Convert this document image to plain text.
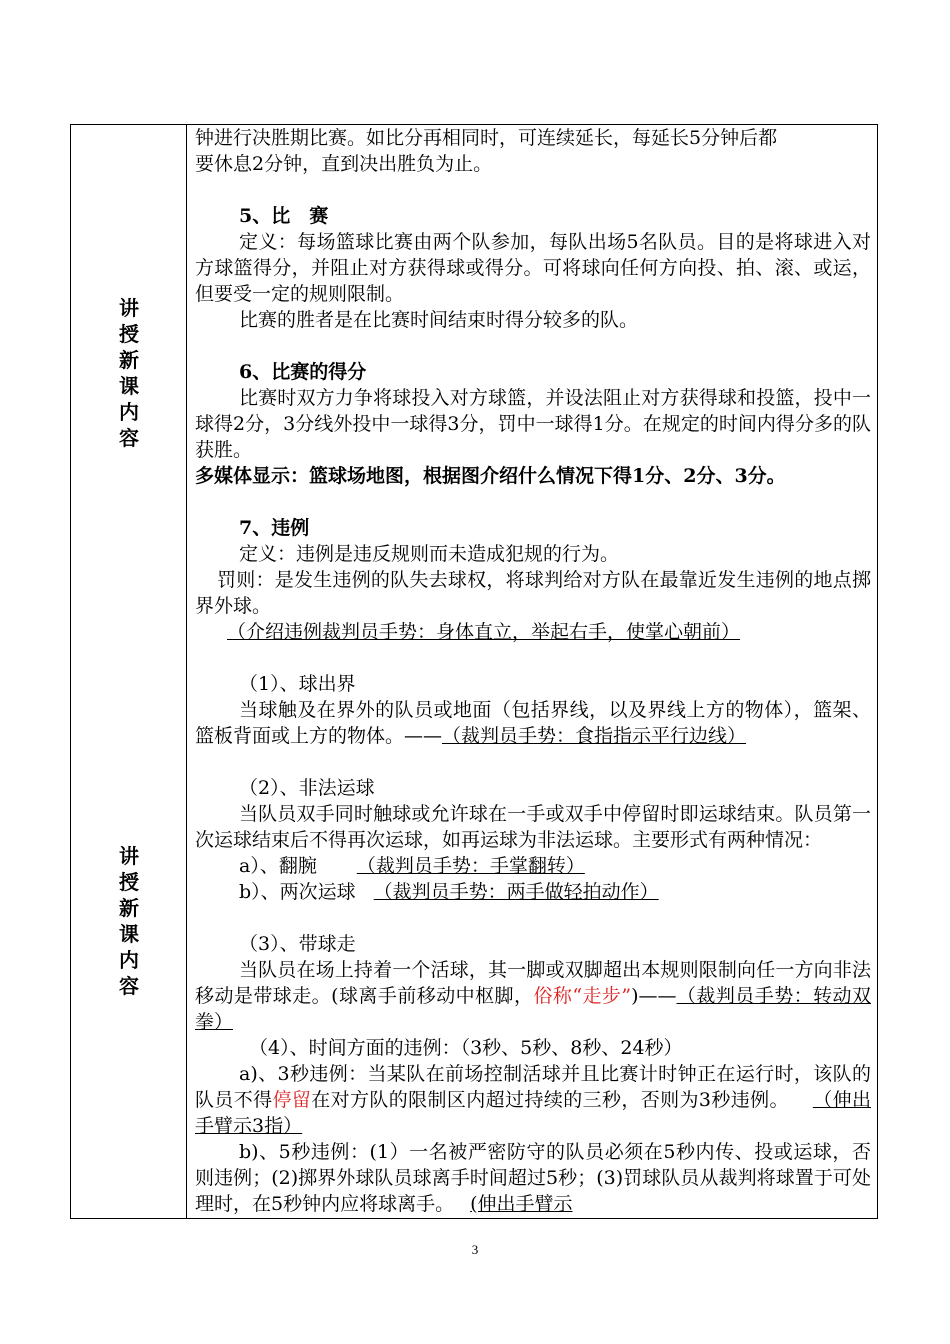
讲
授
新
课
内
容
讲
授
新
课
内
容

钟进行决胜期比赛。如比分再相同时，可连续延长，每延长5分钟后都

要休息2分钟，直到决出胜负为止。

5、比　赛

定义：每场篮球比赛由两个队参加，每队出场5名队员。目的是将球进入对方球篮得分，并阻止对方获得球或得分。可将球向任何方向投、拍、滚、或运，但要受一定的规则限制。

比赛的胜者是在比赛时间结束时得分较多的队。

6、比赛的得分

比赛时双方力争将球投入对方球篮，并设法阻止对方获得球和投篮，投中一球得2分，3分线外投中一球得3分，罚中一球得1分。在规定的时间内得分多的队获胜。

多媒体显示：篮球场地图，根据图介绍什么情况下得1分、2分、3分。

7、违例

定义：违例是违反规则而未造成犯规的行为。

罚则：是发生违例的队失去球权，将球判给对方队在最靠近发生违例的地点掷界外球。

（介绍违例裁判员手势：身体直立，举起右手，使掌心朝前）

（1）、球出界

当球触及在界外的队员或地面（包括界线，以及界线上方的物体），篮架、篮板背面或上方的物体。——（裁判员手势：食指指示平行边线）

（2）、非法运球

当队员双手同时触球或允许球在一手或双手中停留时即运球结束。队员第一次运球结束后不得再次运球，如再运球为非法运球。主要形式有两种情况：

a）、翻腕 （裁判员手势：手掌翻转）

b）、两次运球 （裁判员手势：两手做轻拍动作）

（3）、带球走

当队员在场上持着一个活球，其一脚或双脚超出本规则限制向任一方向非法移动是带球走。(球离手前移动中枢脚，俗称“走步”)——（裁判员手势：转动双拳）

（4）、时间方面的违例：（3秒、5秒、8秒、24秒）

a)、3秒违例：当某队在前场控制活球并且比赛计时钟正在运行时，该队的队员不得停留在对方队的限制区内超过持续的三秒，否则为3秒违例。 （伸出手臂示3指）

b)、5秒违例：(1）一名被严密防守的队员必须在5秒内传、投或运球，否则违例；(2)掷界外球队员球离手时间超过5秒；(3)罚球队员从裁判将球置于可处理时，在5秒钟内应将球离手。 (伸出手臂示

3
